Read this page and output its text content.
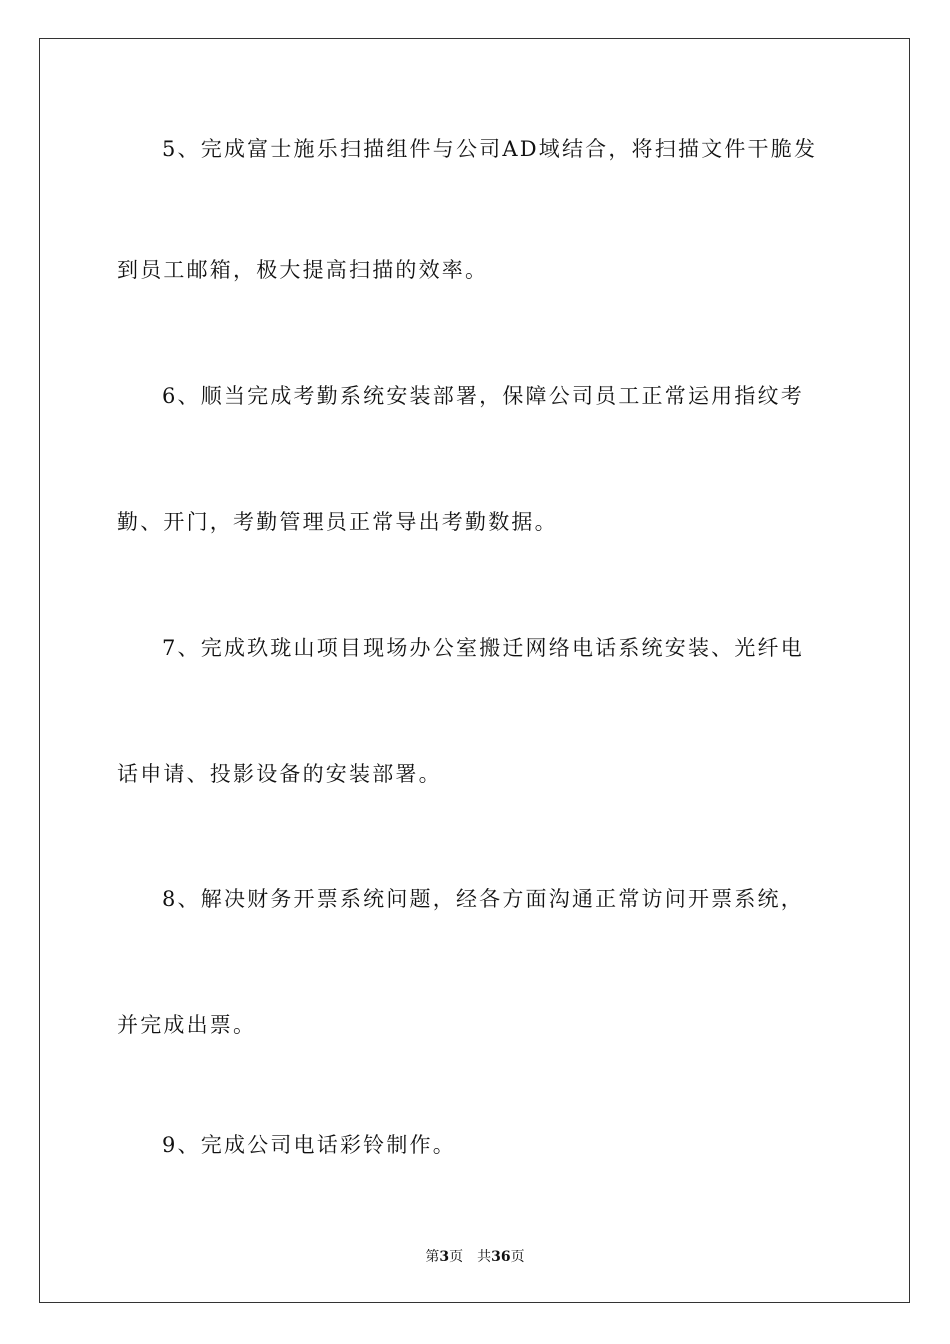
5、完成富士施乐扫描组件与公司AD域结合，将扫描文件干脆发
到员工邮箱，极大提高扫描的效率。
6、顺当完成考勤系统安装部署，保障公司员工正常运用指纹考
勤、开门，考勤管理员正常导出考勤数据。
7、完成玖珑山项目现场办公室搬迁网络电话系统安装、光纤电
话申请、投影设备的安装部署。
8、解决财务开票系统问题，经各方面沟通正常访问开票系统，
并完成出票。
9、完成公司电话彩铃制作。
第3页 共36页
